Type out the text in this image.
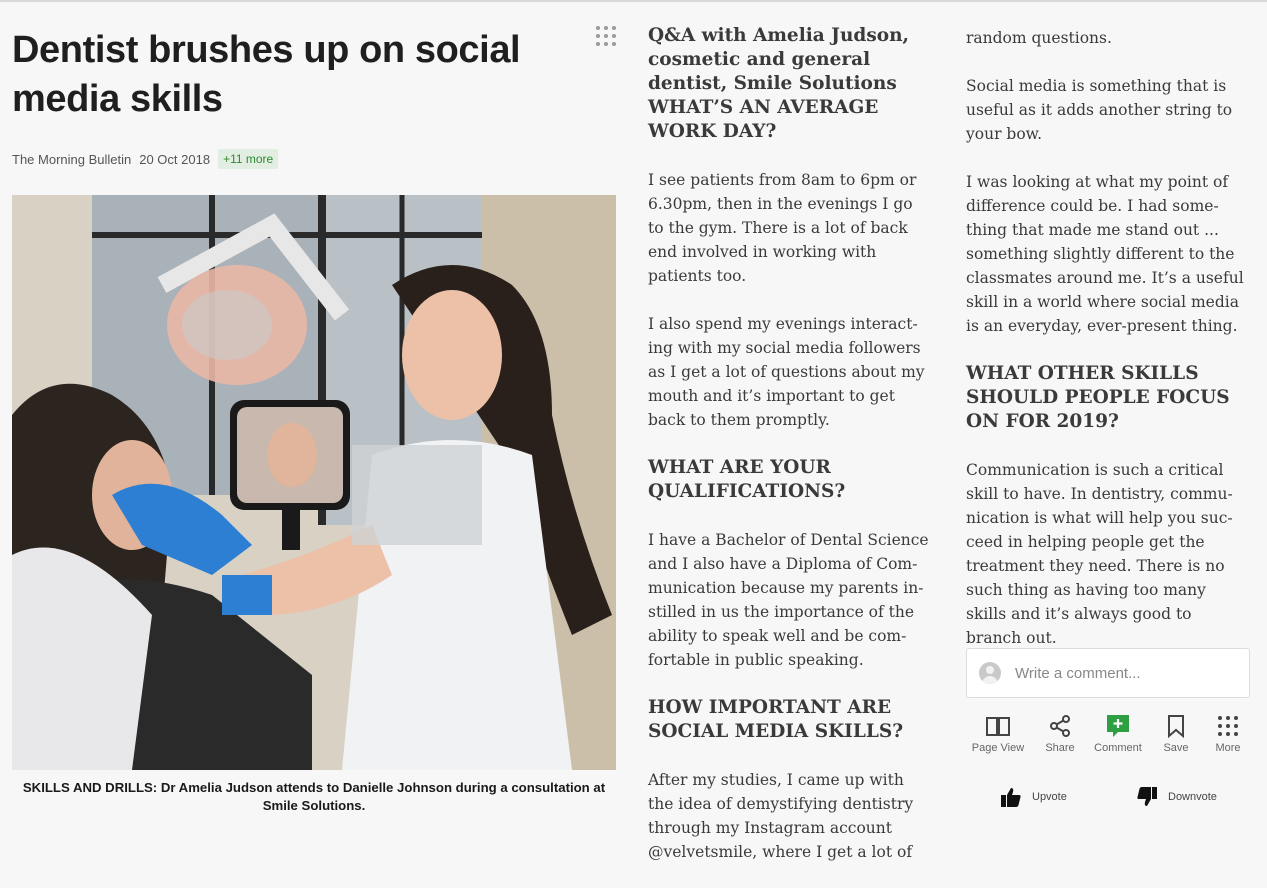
Dentist brushes up on social media skills
The Morning Bulletin 20 Oct 2018	+11 more
SKILLS AND DRILLS: Dr Amelia Judson attends to Danielle Johnson during a consultation at Smile Solutions.
Q&A with Amelia Judson, cosmetic and general dentist, Smile Solutions WHAT’S AN AVERAGE WORK DAY?

I see patients from 8am to 6pm or 6.30pm, then in the evenings I go to the gym. There is a lot of back end involved in working with patients too.

I also spend my evenings interacting with my social media followers as I get a lot of questions about my mouth and it’s important to get back to them promptly.

WHAT ARE YOUR QUALIFICATIONS?

I have a Bachelor of Dental Science and I also have a Diploma of Communication because my parents instilled in us the importance of the ability to speak well and be comfortable in public speaking.

HOW IMPORTANT ARE SOCIAL MEDIA SKILLS?

After my studies, I came up with the idea of demystifying dentistry through my Instagram account @velvetsmile, where I get a lot of

random questions.

Social media is something that is useful as it adds another string to your bow.

I was looking at what my point of difference could be. I had something that made me stand out ... something slightly different to the classmates around me. It’s a useful skill in a world where social media is an everyday, ever-present thing.

WHAT OTHER SKILLS SHOULD PEOPLE FOCUS ON FOR 2019?

Communication is such a critical skill to have. In dentistry, communication is what will help you succeed in helping people get the treatment they need. There is no such thing as having too many skills and it’s always good to branch out.

Write a comment...
Page View	Share	Comment	Save	More
Upvote	Downvote
